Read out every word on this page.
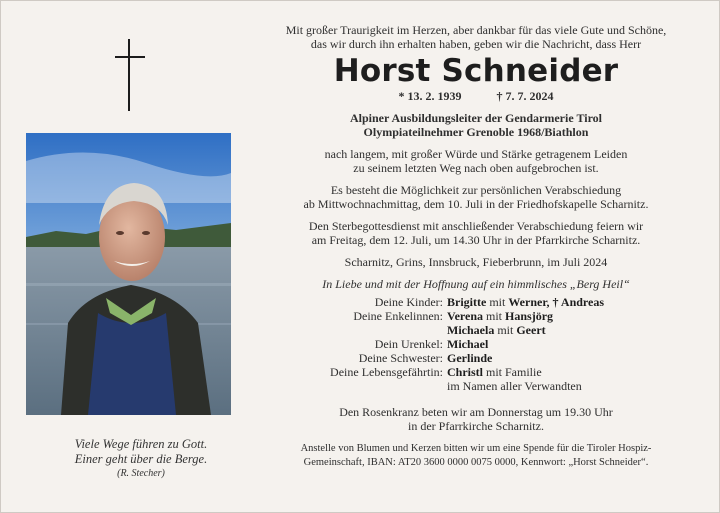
Viele Wege führen zu Gott.
Einer geht über die Berge.
(R. Stecher)

Mit großer Traurigkeit im Herzen, aber dankbar für das viele Gute und Schöne,
das wir durch ihn erhalten haben, geben wir die Nachricht, dass Herr

Horst Schneider
* 13. 2. 1939	† 7. 7. 2024

Alpiner Ausbildungsleiter der Gendarmerie Tirol
Olympiateilnehmer Grenoble 1968/Biathlon

nach langem, mit großer Würde und Stärke getragenem Leiden
zu seinem letzten Weg nach oben aufgebrochen ist.

Es besteht die Möglichkeit zur persönlichen Verabschiedung
ab Mittwochnachmittag, dem 10. Juli in der Friedhofskapelle Scharnitz.

Den Sterbegottesdienst mit anschließender Verabschiedung feiern wir
am Freitag, dem 12. Juli, um 14.30 Uhr in der Pfarrkirche Scharnitz.

Scharnitz, Grins, Innsbruck, Fieberbrunn, im Juli 2024

In Liebe und mit der Hoffnung auf ein himmlisches „Berg Heil“

Deine Kinder: Brigitte mit Werner, † Andreas
Deine Enkelinnen: Verena mit Hansjörg
Michaela mit Geert
Dein Urenkel: Michael
Deine Schwester: Gerlinde
Deine Lebensgefährtin: Christl mit Familie
im Namen aller Verwandten

Den Rosenkranz beten wir am Donnerstag um 19.30 Uhr
in der Pfarrkirche Scharnitz.

Anstelle von Blumen und Kerzen bitten wir um eine Spende für die Tiroler Hospiz-
Gemeinschaft, IBAN: AT20 3600 0000 0075 0000, Kennwort: „Horst Schneider“.
